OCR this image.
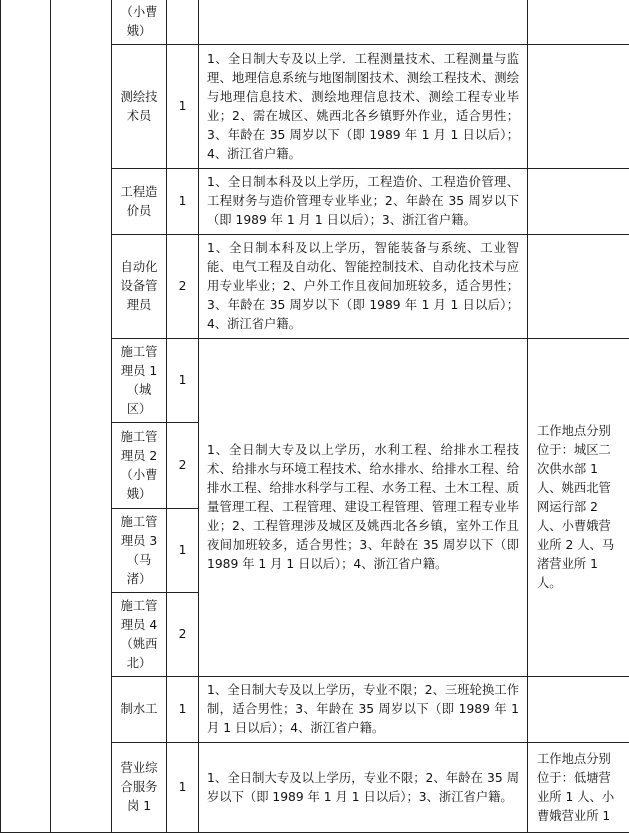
		（小曹娥）			
		测绘技术员	1	1、全日制大专及以上学．工程测量技术、工程测量与监理、地理信息系统与地图制图技术、测绘工程技术、测绘与地理信息技术、测绘地理信息技术、测绘工程专业毕业；2、需在城区、姚西北各乡镇野外作业，适合男性；3、年龄在 35 周岁以下（即 1989 年 1 月 1 日以后）；4、浙江省户籍。	
		工程造价员	1	1、全日制本科及以上学历，工程造价、工程造价管理、工程财务与造价管理专业毕业；2、年龄在 35 周岁以下（即 1989 年 1 月 1 日以后）；3、浙江省户籍。	
		自动化设备管理员	2	1、全日制本科及以上学历，智能装备与系统、工业智能、电气工程及自动化、智能控制技术、自动化技术与应用专业毕业；2、户外工作且夜间加班较多，适合男性；3、年龄在 35 周岁以下（即 1989 年 1 月 1 日以后）；4、浙江省户籍。	
		施工管理员 1（城区）	1	1、全日制大专及以上学历，水利工程、给排水工程技术、给排水与环境工程技术、给水排水、给排水工程、给排水工程、给排水科学与工程、水务工程、土木工程、质量管理工程、工程管理、建设工程管理、管理工程专业毕业；2、工程管理涉及城区及姚西北各乡镇，室外工作且夜间加班较多，适合男性；3、年龄在 35 周岁以下（即 1989 年 1 月 1 日以后）；4、浙江省户籍。	工作地点分别位于：城区二次供水部 1 人、姚西北管网运行部 2 人、小曹娥营业所 2 人、马渚营业所 1 人。
		施工管理员 2（小曹娥）	2		
		施工管理员 3（马渚）	1		
		施工管理员 4（姚西北）	2		
		制水工	1	1、全日制大专及以上学历，专业不限；2、三班轮换工作制，适合男性；3、年龄在 35 周岁以下（即 1989 年 1 月 1 日以后）；4、浙江省户籍。	
		营业综合服务岗 1	1	1、全日制大专及以上学历，专业不限；2、年龄在 35 周岁以下（即 1989 年 1 月 1 日以后）；3、浙江省户籍。	工作地点分别位于：低塘营业所 1 人、小曹娥营业所 1
